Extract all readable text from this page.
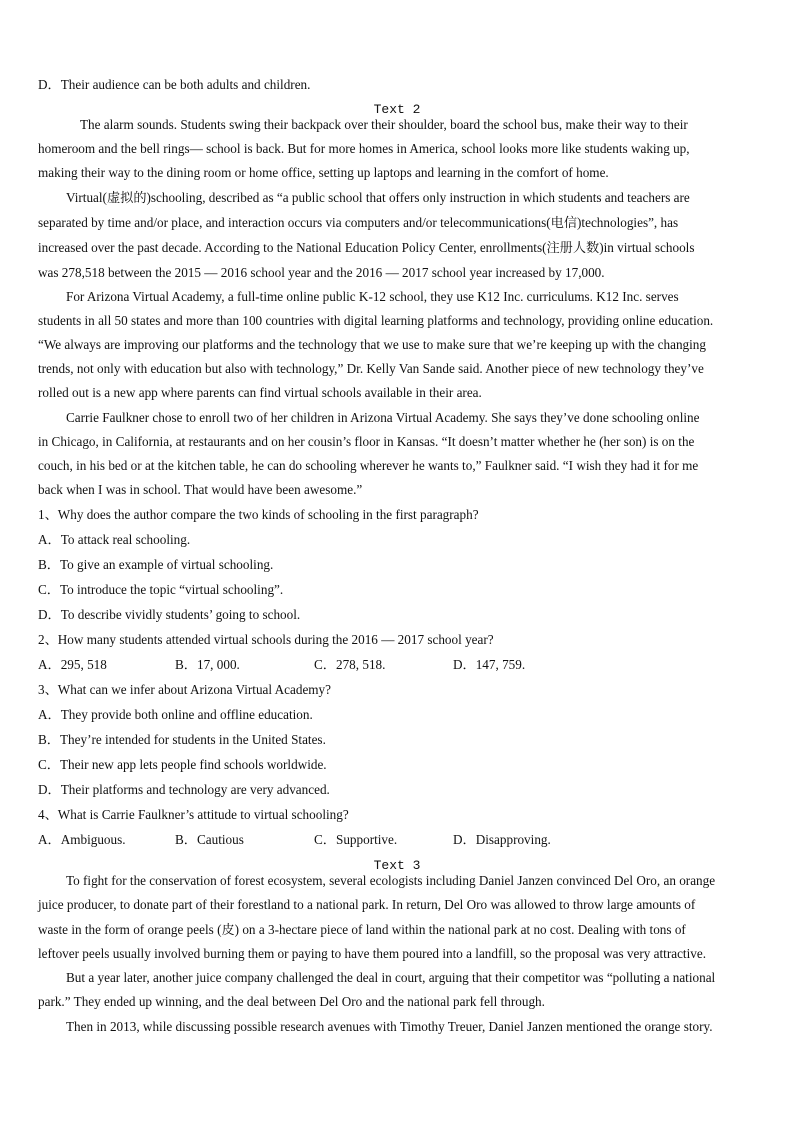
D．Their audience can be both adults and children.
Text 2
The alarm sounds. Students swing their backpack over their shoulder, board the school bus, make their way to their
homeroom and the bell rings— school is back. But for more homes in America, school looks more like students waking up,
making their way to the dining room or home office, setting up laptops and learning in the comfort of home.
Virtual(虚拟的)schooling, described as “a public school that offers only instruction in which students and teachers are
separated by time and/or place, and interaction occurs via computers and/or telecommunications(电信)technologies”, has
increased over the past decade. According to the National Education Policy Center, enrollments(注册人数)in virtual schools
was 278,518 between the 2015 — 2016 school year and the 2016 — 2017 school year increased by 17,000.
For Arizona Virtual Academy, a full-time online public K-12 school, they use K12 Inc. curriculums. K12 Inc. serves
students in all 50 states and more than 100 countries with digital learning platforms and technology, providing online education.
“We always are improving our platforms and the technology that we use to make sure that we’re keeping up with the changing
trends, not only with education but also with technology,” Dr. Kelly Van Sande said. Another piece of new technology they’ve
rolled out is a new app where parents can find virtual schools available in their area.
Carrie Faulkner chose to enroll two of her children in Arizona Virtual Academy. She says they’ve done schooling online
in Chicago, in California, at restaurants and on her cousin’s floor in Kansas. “It doesn’t matter whether he (her son) is on the
couch, in his bed or at the kitchen table, he can do schooling wherever he wants to,” Faulkner said. “I wish they had it for me
back when I was in school. That would have been awesome.”
1、Why does the author compare the two kinds of schooling in the first paragraph?
A．To attack real schooling.
B．To give an example of virtual schooling.
C．To introduce the topic “virtual schooling”.
D．To describe vividly students’ going to school.
2、How many students attended virtual schools during the 2016 — 2017 school year?
A．295, 518	B．17, 000.	C．278, 518.	D．147, 759.
3、What can we infer about Arizona Virtual Academy?
A．They provide both online and offline education.
B．They’re intended for students in the United States.
C．Their new app lets people find schools worldwide.
D．Their platforms and technology are very advanced.
4、What is Carrie Faulkner’s attitude to virtual schooling?
A．Ambiguous.	B．Cautious	C．Supportive.	D．Disapproving.
Text 3
To fight for the conservation of forest ecosystem, several ecologists including Daniel Janzen convinced Del Oro, an orange
juice producer, to donate part of their forestland to a national park. In return, Del Oro was allowed to throw large amounts of
waste in the form of orange peels (皮) on a 3-hectare piece of land within the national park at no cost. Dealing with tons of
leftover peels usually involved burning them or paying to have them poured into a landfill, so the proposal was very attractive.
But a year later, another juice company challenged the deal in court, arguing that their competitor was “polluting a national
park.” They ended up winning, and the deal between Del Oro and the national park fell through.
Then in 2013, while discussing possible research avenues with Timothy Treuer, Daniel Janzen mentioned the orange story.
